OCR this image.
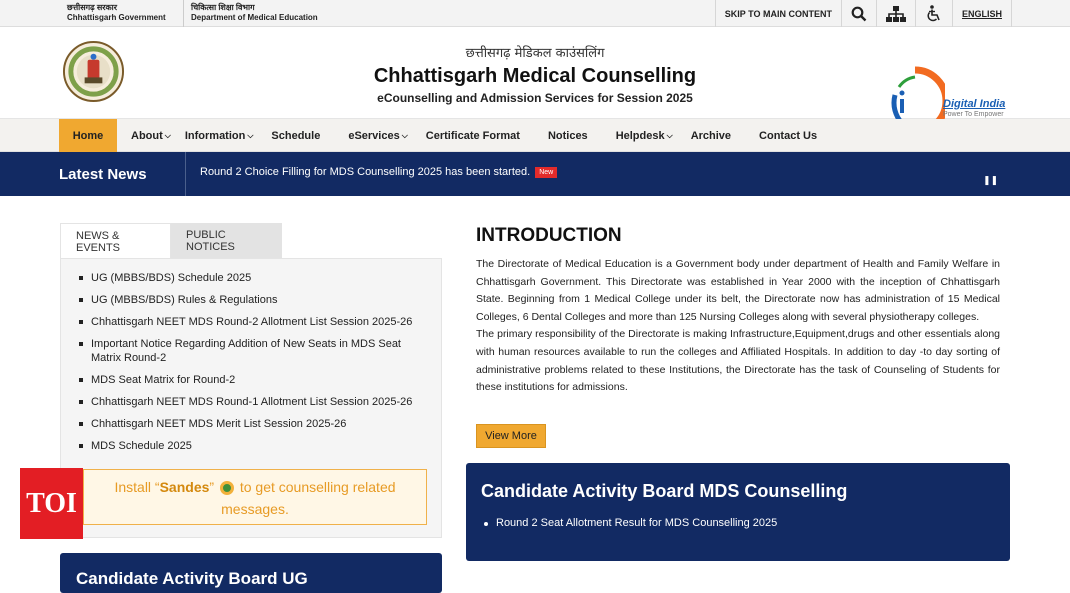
छत्तीसगढ़ सरकार
Chhattisgarh Government
चिकित्सा शिक्षा विभाग
Department of Medical Education	SKIP TO MAIN CONTENT	ENGLISH
छत्तीसगढ़ मेडिकल काउंसलिंग
Chhattisgarh Medical Counselling
eCounselling and Admission Services for Session 2025	Digital India
Power To Empower
Home	About ⌵ Information ⌵ Schedule	eServices ⌵ Certificate Format	Notices	Helpdesk ⌵ Archive	Contact Us
Latest News	Round 2 Choice Filling for MDS Counselling 2025 has been started. New
❚❚
NEWS & EVENTS
PUBLIC NOTICES
UG (MBBS/BDS) Schedule 2025
UG (MBBS/BDS) Rules & Regulations
Chhattisgarh NEET MDS Round-2 Allotment List Session 2025-26
Important Notice Regarding Addition of New Seats in MDS Seat Matrix Round-2
MDS Seat Matrix for Round-2
Chhattisgarh NEET MDS Round-1 Allotment List Session 2025-26
Chhattisgarh NEET MDS Merit List Session 2025-26
MDS Schedule 2025
Install “Sandes”  to get counselling related messages.
TOI
Candidate Activity Board UG
INTRODUCTION

The Directorate of Medical Education is a Government body under department of Health and Family Welfare in Chhattisgarh Government. This Directorate was established in Year 2000 with the inception of Chhattisgarh State. Beginning from 1 Medical College under its belt, the Directorate now has administration of 15 Medical Colleges, 6 Dental Colleges and more than 125 Nursing Colleges along with several physiotherapy colleges.

The primary responsibility of the Directorate is making Infrastructure,Equipment,drugs and other essentials along with human resources available to run the colleges and Affiliated Hospitals. In addition to day -to day sorting of administrative problems related to these Institutions, the Directorate has the task of Counseling of Students for these institutions for admissions.

View More
Candidate Activity Board MDS Counselling
Round 2 Seat Allotment Result for MDS Counselling 2025
